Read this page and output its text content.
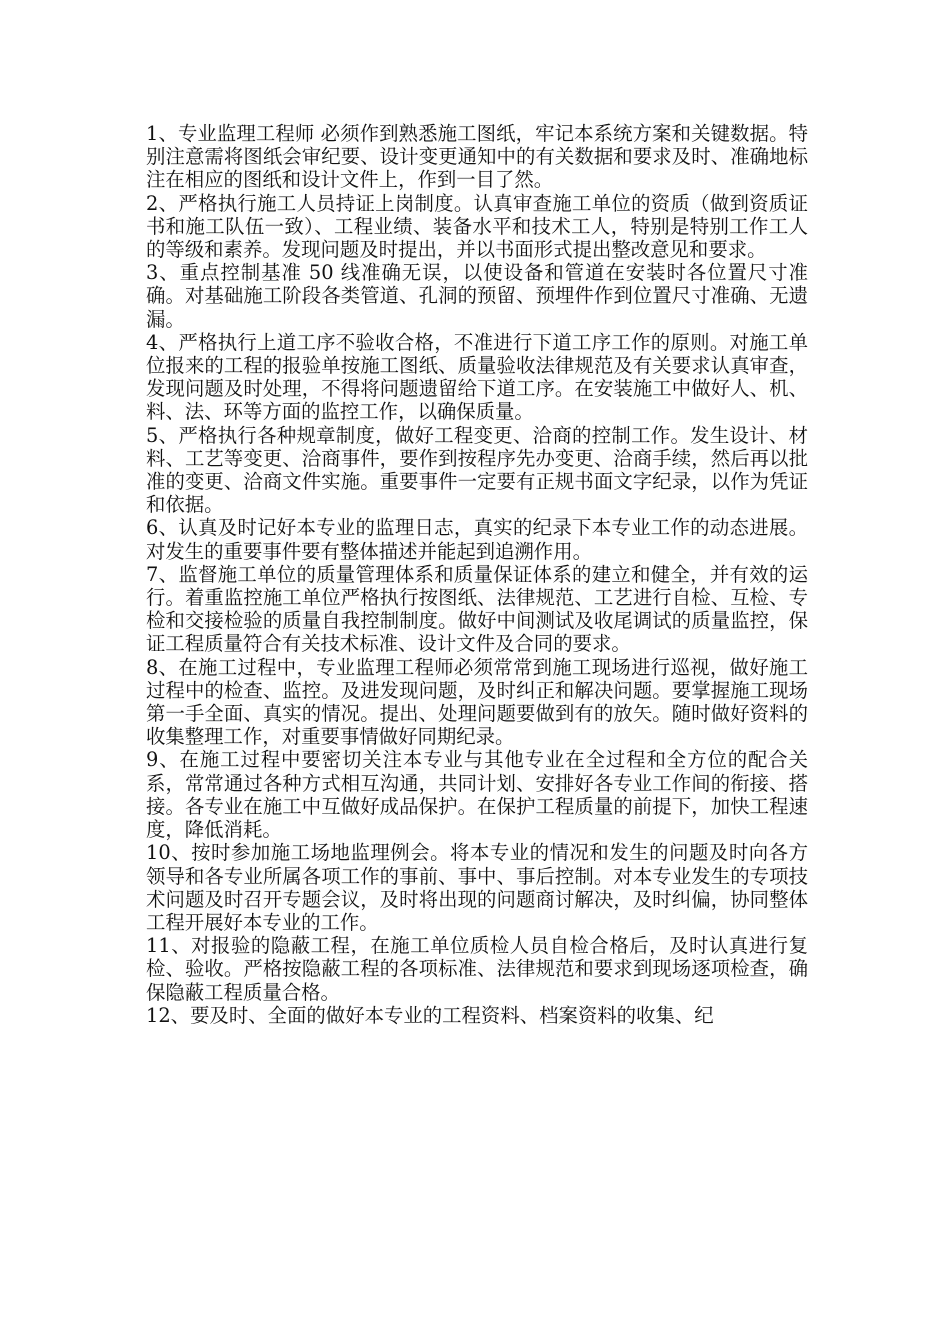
1、专业监理工程师 必须作到熟悉施工图纸，牢记本系统方案和关键数据。特别注意需将图纸会审纪要、设计变更通知中的有关数据和要求及时、准确地标注在相应的图纸和设计文件上，作到一目了然。

2、严格执行施工人员持证上岗制度。认真审查施工单位的资质（做到资质证书和施工队伍一致）、工程业绩、装备水平和技术工人，特别是特别工作工人的等级和素养。发现问题及时提出，并以书面形式提出整改意见和要求。

3、重点控制基准 50 线准确无误，以使设备和管道在安装时各位置尺寸准确。对基础施工阶段各类管道、孔洞的预留、预埋件作到位置尺寸准确、无遗漏。

4、严格执行上道工序不验收合格，不准进行下道工序工作的原则。对施工单位报来的工程的报验单按施工图纸、质量验收法律规范及有关要求认真审查，发现问题及时处理，不得将问题遗留给下道工序。在安装施工中做好人、机、料、法、环等方面的监控工作，以确保质量。

5、严格执行各种规章制度，做好工程变更、洽商的控制工作。发生设计、材料、工艺等变更、洽商事件，要作到按程序先办变更、洽商手续，然后再以批准的变更、洽商文件实施。重要事件一定要有正规书面文字纪录，以作为凭证和依据。

6、认真及时记好本专业的监理日志，真实的纪录下本专业工作的动态进展。对发生的重要事件要有整体描述并能起到追溯作用。

7、监督施工单位的质量管理体系和质量保证体系的建立和健全，并有效的运行。着重监控施工单位严格执行按图纸、法律规范、工艺进行自检、互检、专检和交接检验的质量自我控制制度。做好中间测试及收尾调试的质量监控，保证工程质量符合有关技术标准、设计文件及合同的要求。

8、在施工过程中，专业监理工程师必须常常到施工现场进行巡视，做好施工过程中的检查、监控。及进发现问题，及时纠正和解决问题。要掌握施工现场第一手全面、真实的情况。提出、处理问题要做到有的放矢。随时做好资料的收集整理工作，对重要事情做好同期纪录。

9、在施工过程中要密切关注本专业与其他专业在全过程和全方位的配合关系，常常通过各种方式相互沟通，共同计划、安排好各专业工作间的衔接、搭接。各专业在施工中互做好成品保护。在保护工程质量的前提下，加快工程速度，降低消耗。

10、按时参加施工场地监理例会。将本专业的情况和发生的问题及时向各方领导和各专业所属各项工作的事前、事中、事后控制。对本专业发生的专项技术问题及时召开专题会议，及时将出现的问题商讨解决，及时纠偏，协同整体工程开展好本专业的工作。

11、对报验的隐蔽工程，在施工单位质检人员自检合格后，及时认真进行复检、验收。严格按隐蔽工程的各项标准、法律规范和要求到现场逐项检查，确保隐蔽工程质量合格。

12、要及时、全面的做好本专业的工程资料、档案资料的收集、纪
